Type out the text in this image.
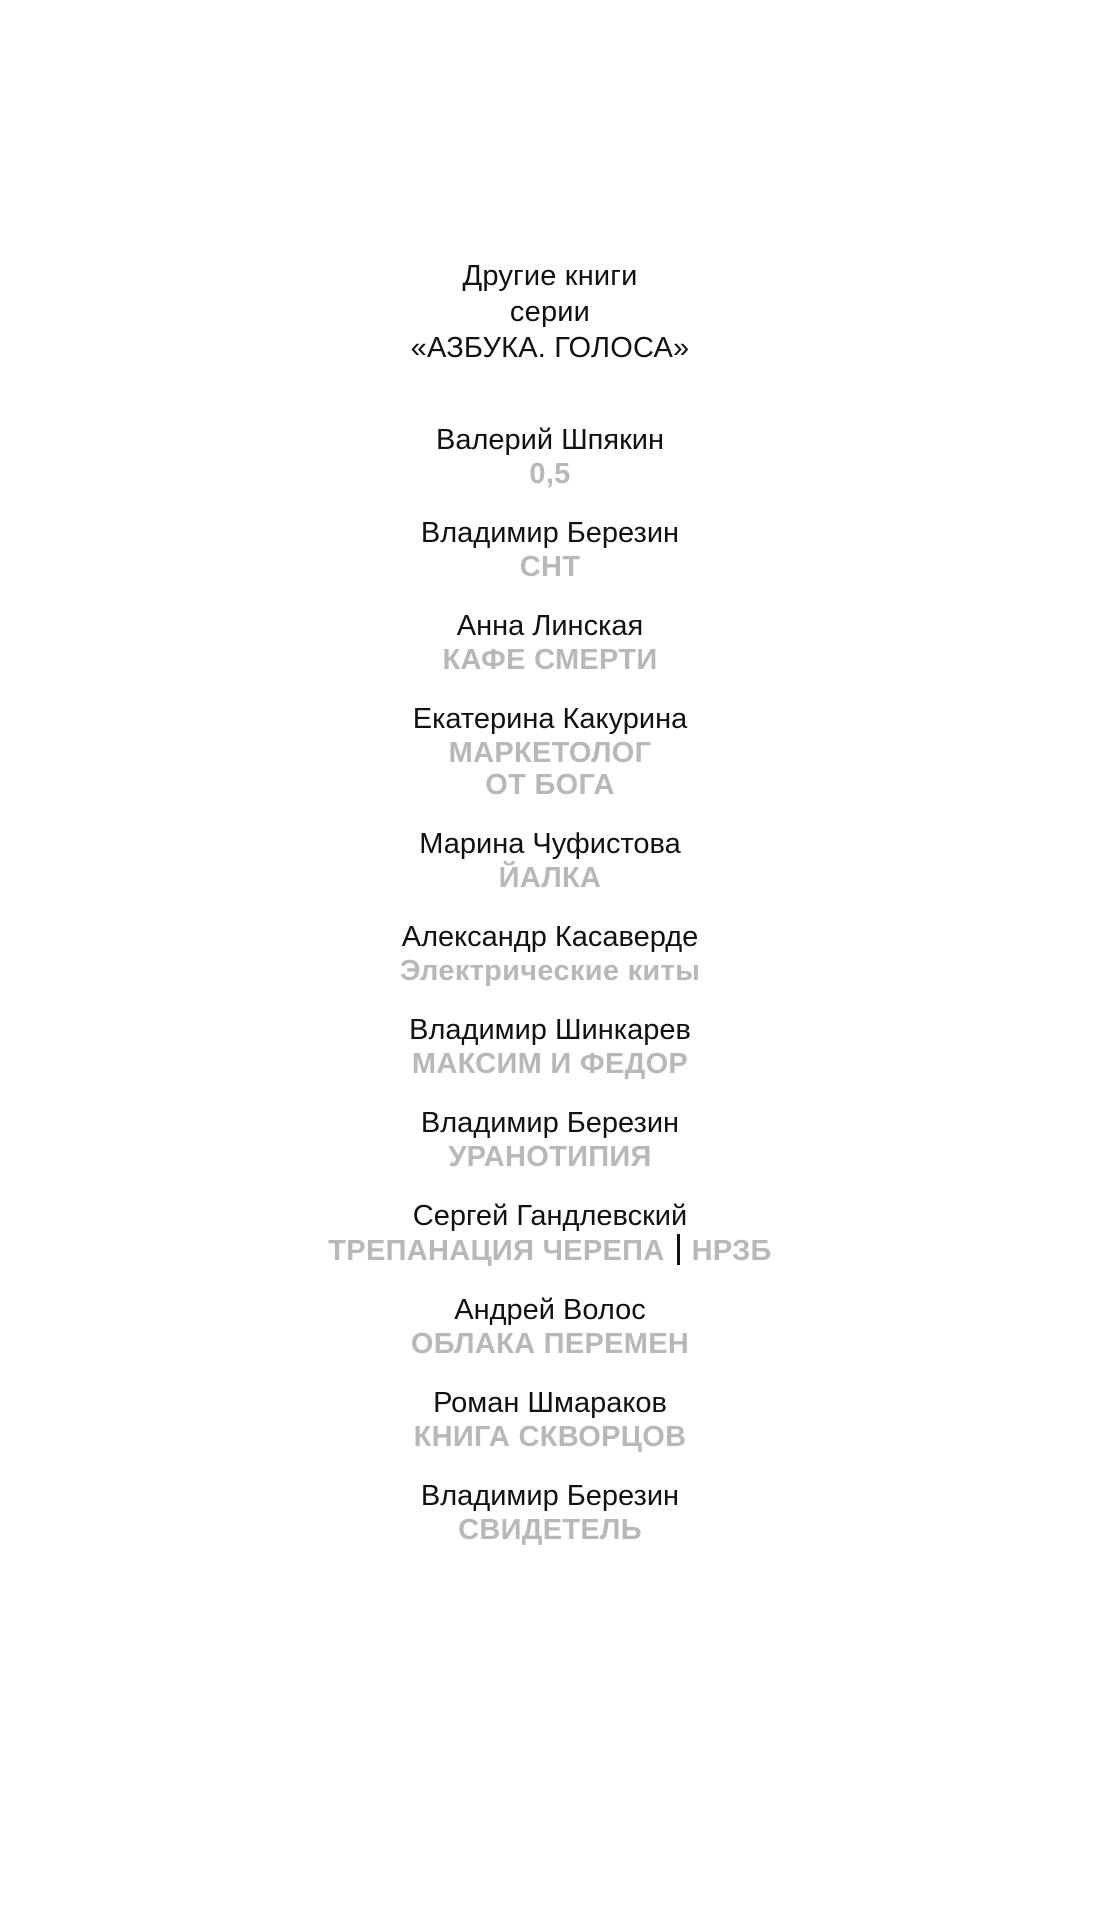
Другие книги
серии
«АЗБУКА. ГОЛОСА»
Валерий Шпякин
0,5
Владимир Березин
СНТ
Анна Линская
КАФЕ СМЕРТИ
Екатерина Какурина
МАРКЕТОЛОГ
ОТ БОГА
Марина Чуфистова
ЙАЛКА
Александр Касаверде
Электрические киты
Владимир Шинкарев
МАКСИМ И ФЕДОР
Владимир Березин
УРАНОТИПИЯ
Сергей Гандлевский
ТРЕПАНАЦИЯ ЧЕРЕПА НРЗБ
Андрей Волос
ОБЛАКА ПЕРЕМЕН
Роман Шмараков
КНИГА СКВОРЦОВ
Владимир Березин
СВИДЕТЕЛЬ
